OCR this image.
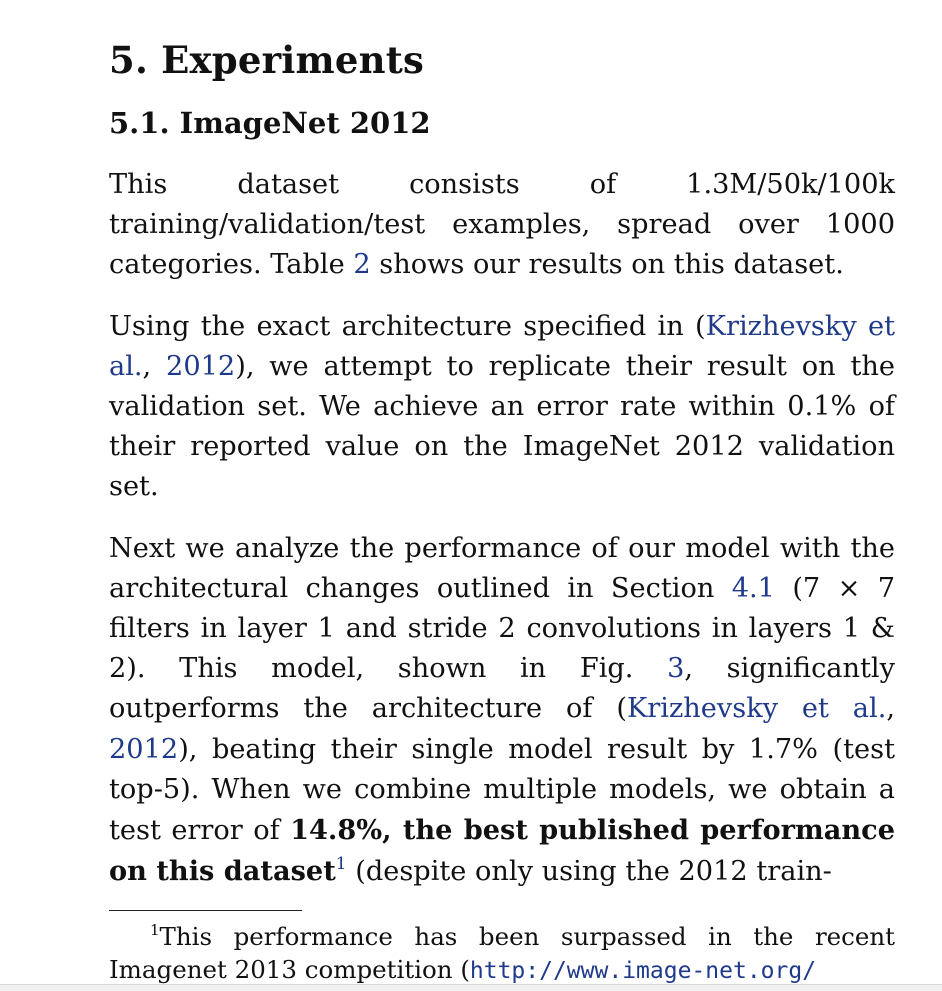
5. Experiments
5.1. ImageNet 2012

This dataset consists of 1.3M/50k/100k training/validation/test examples, spread over 1000 categories. Table 2 shows our results on this dataset.

Using the exact architecture specified in (Krizhevsky et al., 2012), we attempt to replicate their result on the validation set. We achieve an error rate within 0.1% of their reported value on the ImageNet 2012 validation set.

Next we analyze the performance of our model with the architectural changes outlined in Section 4.1 (7 × 7 filters in layer 1 and stride 2 convolutions in layers 1 & 2). This model, shown in Fig. 3, significantly outperforms the architecture of (Krizhevsky et al., 2012), beating their single model result by 1.7% (test top-5). When we combine multiple models, we obtain a test error of 14.8%, the best published performance on this dataset$^1$ (despite only using the 2012 train-

$^1$This performance has been surpassed in the recent Imagenet 2013 competition (http://www.image-net.org/
